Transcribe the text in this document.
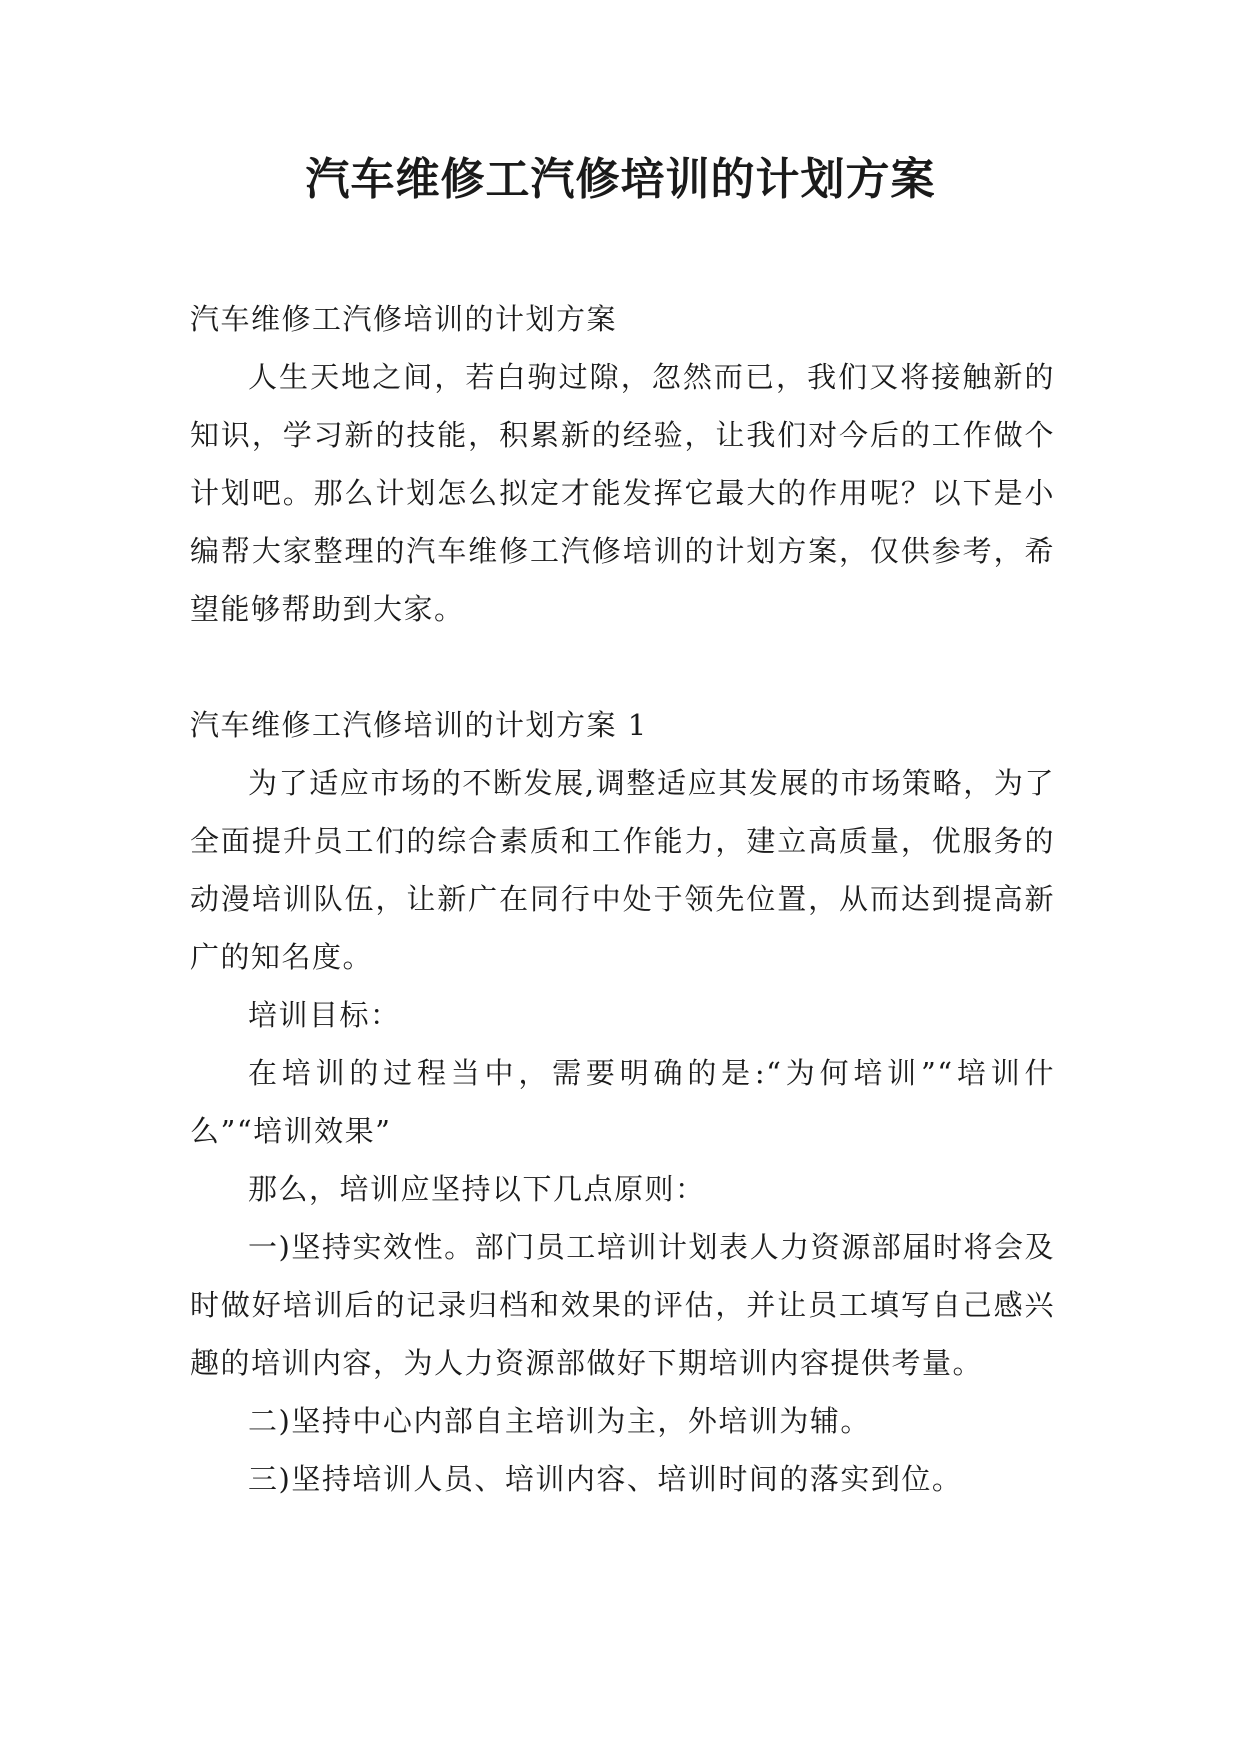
汽车维修工汽修培训的计划方案

汽车维修工汽修培训的计划方案

人生天地之间，若白驹过隙，忽然而已，我们又将接触新的知识，学习新的技能，积累新的经验，让我们对今后的工作做个计划吧。那么计划怎么拟定才能发挥它最大的作用呢？以下是小编帮大家整理的汽车维修工汽修培训的计划方案，仅供参考，希望能够帮助到大家。

汽车维修工汽修培训的计划方案 1

为了适应市场的不断发展,调整适应其发展的市场策略，为了全面提升员工们的综合素质和工作能力，建立高质量，优服务的动漫培训队伍，让新广在同行中处于领先位置，从而达到提高新广的知名度。

培训目标：

在培训的过程当中，需要明确的是:“为何培训”“培训什么”“培训效果”

那么，培训应坚持以下几点原则：

一)坚持实效性。部门员工培训计划表人力资源部届时将会及时做好培训后的记录归档和效果的评估，并让员工填写自己感兴趣的培训内容，为人力资源部做好下期培训内容提供考量。

二)坚持中心内部自主培训为主，外培训为辅。

三)坚持培训人员、培训内容、培训时间的落实到位。
